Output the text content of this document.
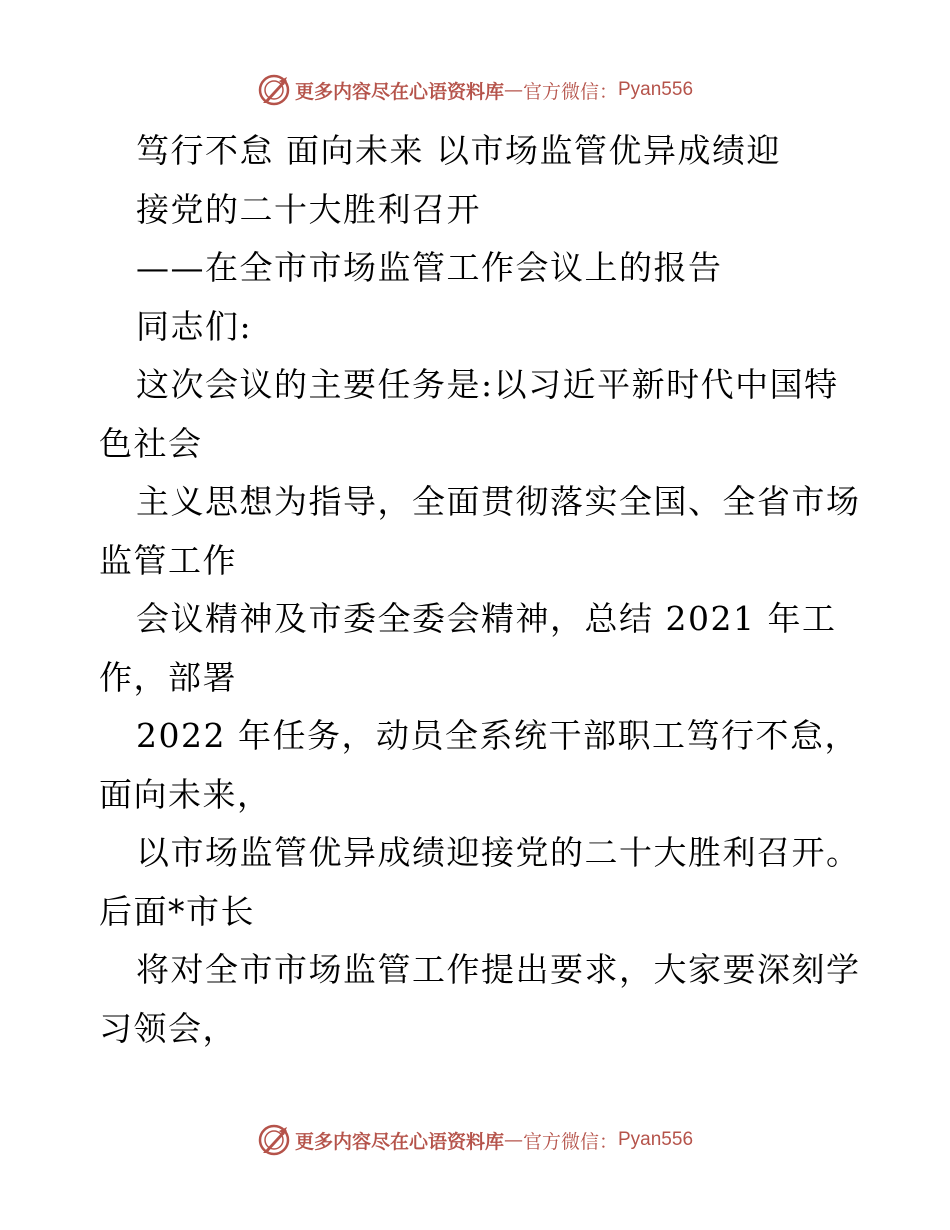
更多内容尽在心语资料库 — 官方微信： Pyan556
笃行不怠 面向未来 以市场监管优异成绩迎
接党的二十大胜利召开
——在全市市场监管工作会议上的报告
同志们:
这次会议的主要任务是:以习近平新时代中国特
色社会
主义思想为指导，全面贯彻落实全国、全省市场
监管工作
会议精神及市委全委会精神，总结 2021 年工
作，部署
2022 年任务，动员全系统干部职工笃行不怠，
面向未来，
以市场监管优异成绩迎接党的二十大胜利召开。
后面*市长
将对全市市场监管工作提出要求，大家要深刻学
习领会，
更多内容尽在心语资料库 — 官方微信： Pyan556
